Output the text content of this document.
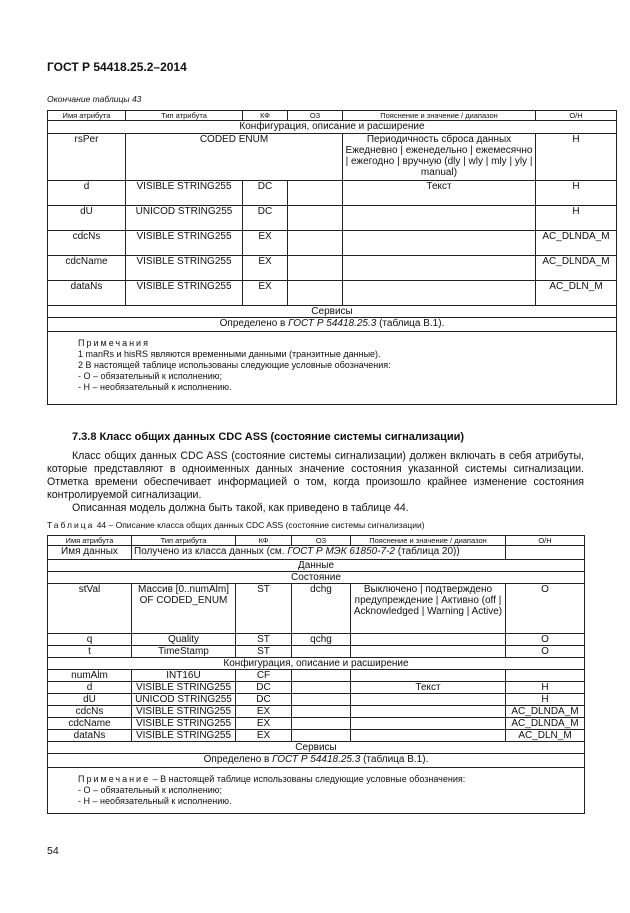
ГОСТ Р 54418.25.2–2014
Окончание таблицы 43
Имя атрибута	Тип атрибута	КФ	ОЗ	Пояснение и значение / диапазон	О/Н
Конфигурация, описание и расширение					
rsPer	CODED ENUM			Периодичность сброса данных Ежедневно | еженедельно | ежемесячно | ежегодно | вручную (dly | wly | mly | yly | manual)	H
d	VISIBLE STRING255	DC		Текст	H
dU	UNICOD STRING255	DC			H
cdcNs	VISIBLE STRING255	EX			AC_DLNDA_M
cdcName	VISIBLE STRING255	EX			AC_DLNDA_M
dataNs	VISIBLE STRING255	EX			AC_DLN_M
Сервисы					
Определено в ГОСТ Р 54418.25.3 (таблица В.1).					

Примечания
1 manRs и hisRS являются временными данными (транзитные данные).
2 В настоящей таблице использованы следующие условные обозначения:
- О – обязательный к исполнению;
- Н – необязательный к исполнению.					
7.3.8 Класс общих данных CDC ASS (состояние системы сигнализации)
Класс общих данных CDC ASS (состояние системы сигнализации) должен включать в себя атрибуты, которые представляют в одноименных данных значение состояния указанной системы сигнализации. Отметка времени обеспечивает информацией о том, когда произошло крайнее изменение состояния контролируемой сигнализации.
Описанная модель должна быть такой, как приведено в таблице 44.
Таблица 44 – Описание класса общих данных CDC ASS (состояние системы сигнализации)
Имя атрибута	Тип атрибута	КФ	ОЗ	Пояснение и значение / диапазон	О/Н
Имя данных	Получено из класса данных (см. ГОСТ Р МЭК 61850-7-2 (таблица 20))				
Данные					
Состояние					
stVal	Массив [0..numAlm] OF CODED_ENUM	ST	dchg	Выключено | подтверждено предупреждение | Активно (off | Acknowledged | Warning | Active)	О
q	Quality	ST	qchg		О
t	TimeStamp	ST			О
Конфигурация, описание и расширение					
numAlm	INT16U	CF			
d	VISIBLE STRING255	DC		Текст	H
dU	UNICOD STRING255	DC			H
cdcNs	VISIBLE STRING255	EX			AC_DLNDA_M
cdcName	VISIBLE STRING255	EX			AC_DLNDA_M
dataNs	VISIBLE STRING255	EX			AC_DLN_M
Сервисы					
Определено в ГОСТ Р 54418.25.3 (таблица В.1).					

Примечание – В настоящей таблице использованы следующие условные обозначения:
- О – обязательный к исполнению;
- Н – необязательный к исполнению.					
54
